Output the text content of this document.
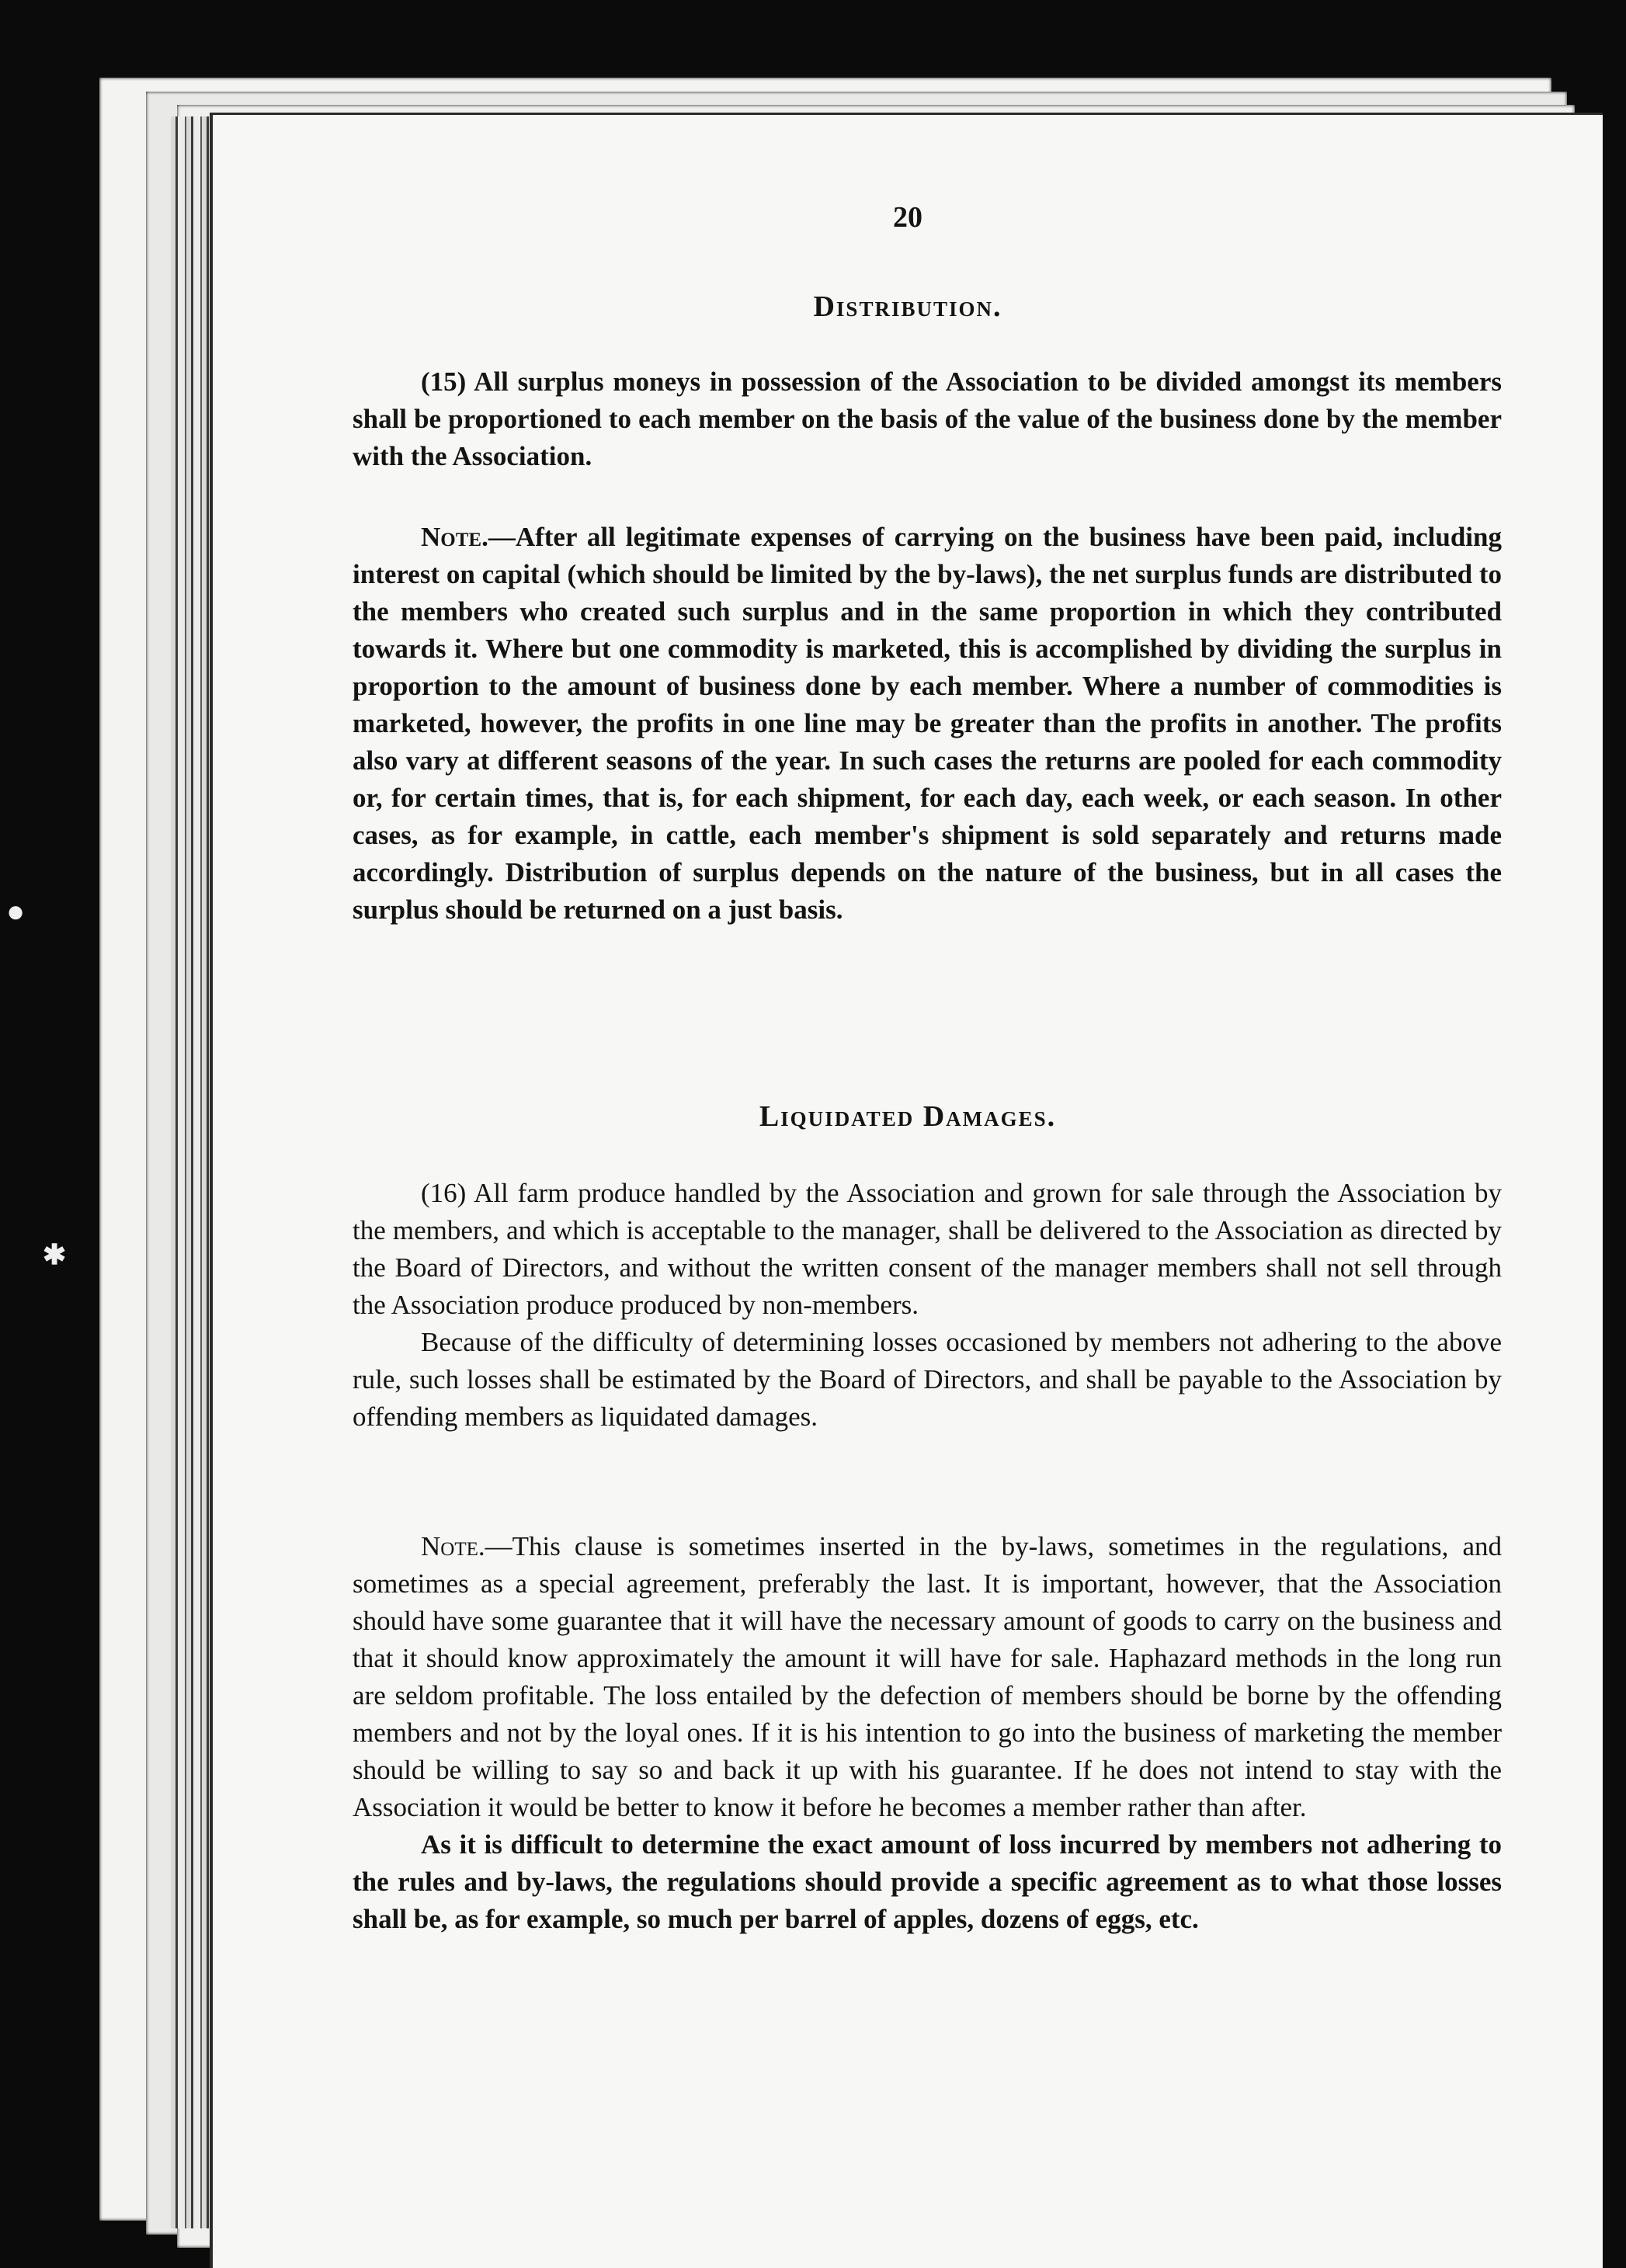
20
Distribution.

(15) All surplus moneys in possession of the Association to be divided amongst its members shall be proportioned to each member on the basis of the value of the business done by the member with the Association.

Note.—After all legitimate expenses of carrying on the business have been paid, including interest on capital (which should be limited by the by-laws), the net surplus funds are distributed to the members who created such surplus and in the same proportion in which they contributed towards it. Where but one commodity is marketed, this is accomplished by dividing the surplus in proportion to the amount of business done by each member. Where a number of commodities is marketed, however, the profits in one line may be greater than the profits in another. The profits also vary at different seasons of the year. In such cases the returns are pooled for each commodity or, for certain times, that is, for each shipment, for each day, each week, or each season. In other cases, as for example, in cattle, each member's shipment is sold separately and returns made accordingly. Distribution of surplus depends on the nature of the business, but in all cases the surplus should be returned on a just basis.

Liquidated Damages.

(16) All farm produce handled by the Association and grown for sale through the Association by the members, and which is acceptable to the manager, shall be delivered to the Association as directed by the Board of Directors, and without the written consent of the manager members shall not sell through the Association produce produced by non-members.

Because of the difficulty of determining losses occasioned by members not adhering to the above rule, such losses shall be estimated by the Board of Directors, and shall be payable to the Association by offending members as liquidated damages.

Note.—This clause is sometimes inserted in the by-laws, sometimes in the regulations, and sometimes as a special agreement, preferably the last. It is important, however, that the Association should have some guarantee that it will have the necessary amount of goods to carry on the business and that it should know approximately the amount it will have for sale. Haphazard methods in the long run are seldom profitable. The loss entailed by the defection of members should be borne by the offending members and not by the loyal ones. If it is his intention to go into the business of marketing the member should be willing to say so and back it up with his guarantee. If he does not intend to stay with the Association it would be better to know it before he becomes a member rather than after.

As it is difficult to determine the exact amount of loss incurred by members not adhering to the rules and by-laws, the regulations should provide a specific agreement as to what those losses shall be, as for example, so much per barrel of apples, dozens of eggs, etc.

●
✱
